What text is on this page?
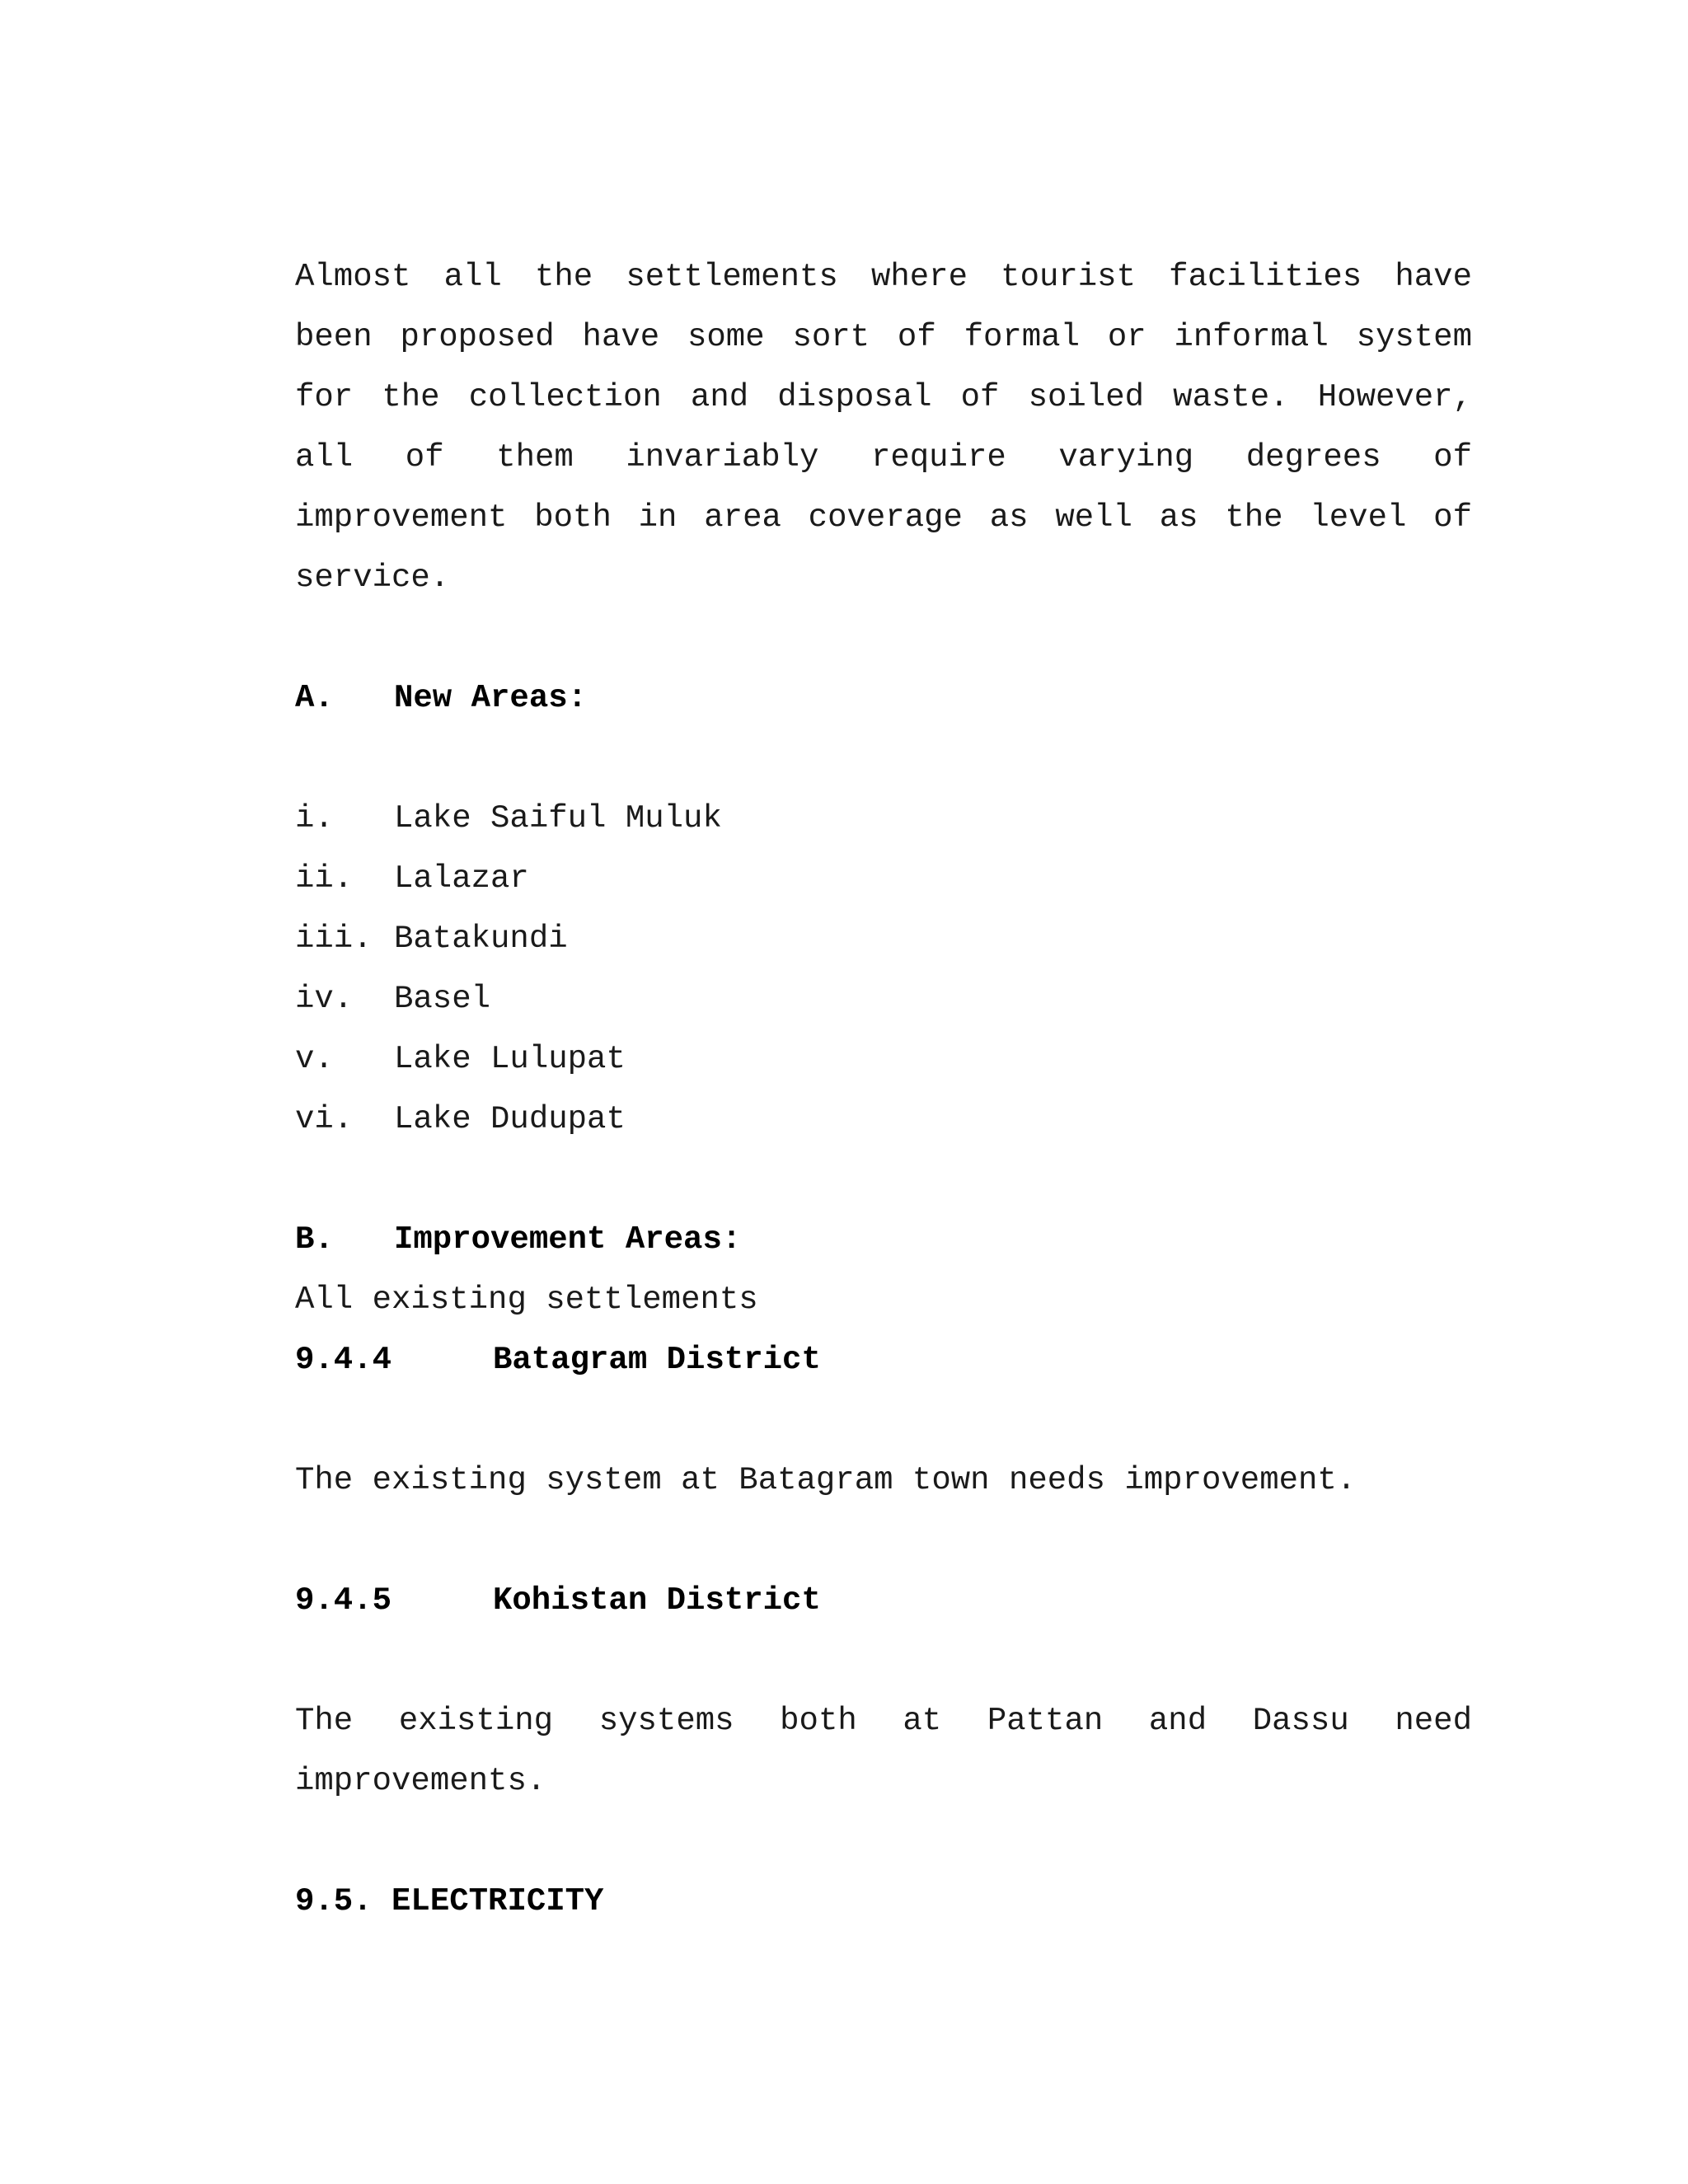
Almost all the settlements where tourist facilities have
been proposed have some sort of formal or informal system
for the collection and disposal of soiled waste. However,
all of them invariably require varying degrees of
improvement both in area coverage as well as the level of
service.
A.	New Areas:
i.	Lake Saiful Muluk
ii.	Lalazar
iii. Batakundi
iv.	Basel
v.	Lake Lulupat
vi.	Lake Dudupat
B.	Improvement Areas:
All existing settlements
9.4.4	Batagram District
The existing system at Batagram town needs improvement.
9.4.5	Kohistan District
The existing systems both at Pattan and Dassu need
improvements.
9.5. ELECTRICITY
